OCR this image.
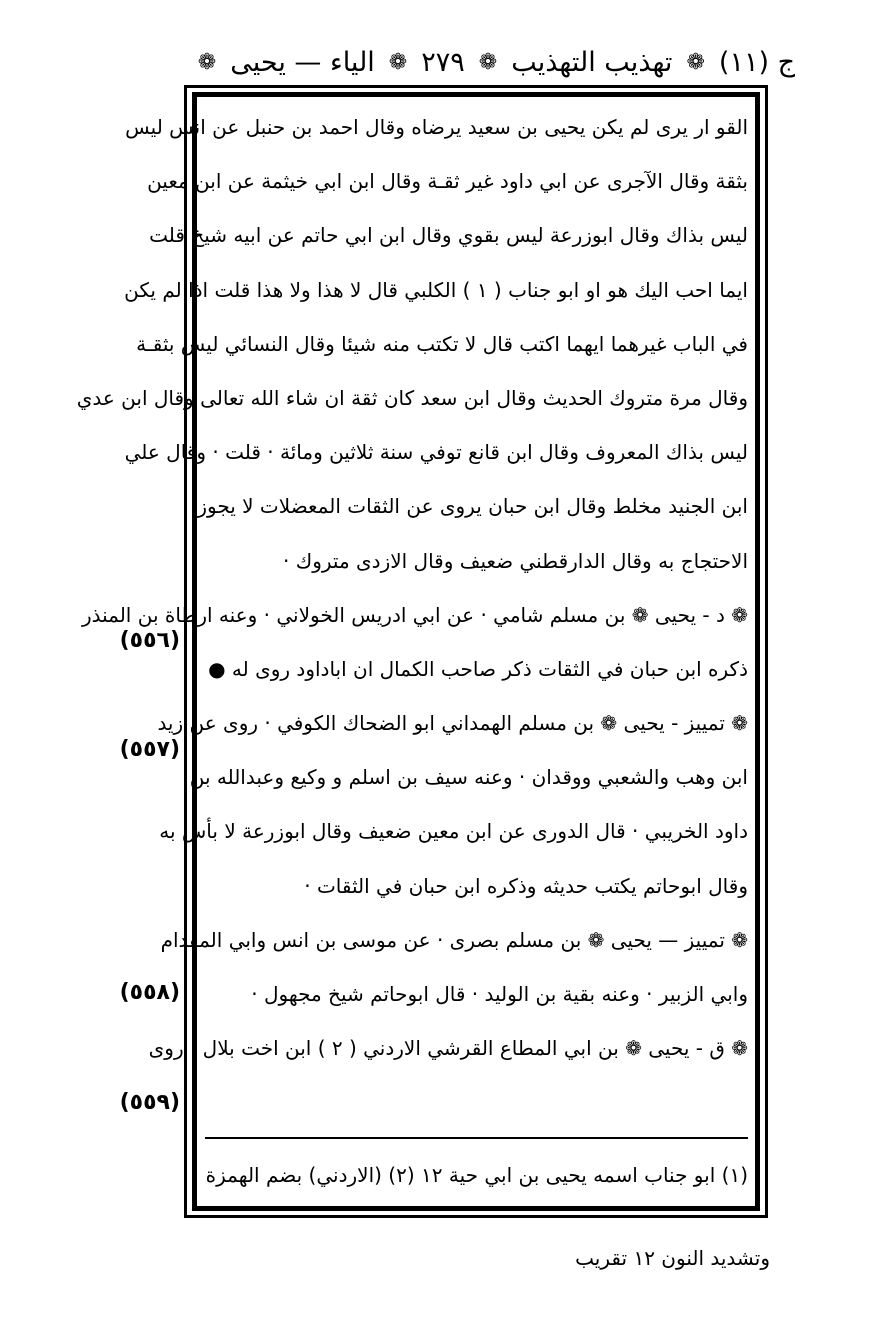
ج (١١)
❁
تهذيب التهذيب
❁
٢٧٩
❁
الياء — يحيى
❁
القو ار يرى لم يكن يحيى بن سعيد يرضاه وقال احمد بن حنبل عن انس ليس
بثقة وقال الآجرى عن ابي داود غير ثقـة وقال ابن ابي خيثمة عن ابن معين
ليس بذاك وقال ابوزرعة ليس بقوي وقال ابن ابي حاتم عن ابيه شيخ قلت
ايما احب اليك هو او ابو جناب ( ١ ) الكلبي قال لا هذا ولا هذا قلت اذا لم يكن
في الباب غيرهما ايهما اكتب قال لا تكتب منه شيئا وقال النسائي ليس بثقـة
وقال مرة متروك الحديث وقال ابن سعد كان ثقة ان شاء الله تعالى وقال ابن عدي
ليس بذاك المعروف وقال ابن قانع توفي سنة ثلاثين ومائة · قلت · وقال علي
ابن الجنيد مخلط وقال ابن حبان يروى عن الثقات المعضلات لا يجوز
الاحتجاج به وقال الدارقطني ضعيف وقال الازدى متروك ·
❁ د - يحيى ❁ بن مسلم شامي · عن ابي ادريس الخولاني · وعنه ارطاة بن المنذر
ذكره ابن حبان في الثقات ذكر صاحب الكمال ان اباداود روى له ●
❁ تمييز - يحيى ❁ بن مسلم الهمداني ابو الضحاك الكوفي · روى عن زيد
ابن وهب والشعبي ووقدان · وعنه سيف بن اسلم و وكيع وعبدالله بن
داود الخريبي · قال الدورى عن ابن معين ضعيف وقال ابوزرعة لا بأس به
وقال ابوحاتم يكتب حديثه وذكره ابن حبان في الثقات ·
❁ تمييز — يحيى ❁ بن مسلم بصرى · عن موسى بن انس وابي المقدام
وابي الزبير · وعنه بقية بن الوليد · قال ابوحاتم شيخ مجهول ·
❁ ق - يحيى ❁ بن ابي المطاع القرشي الاردني ( ٢ ) ابن اخت بلال · روى
(٥٥٦)
(٥٥٧)
(٥٥٨)
(٥٥٩)
(١) ابو جناب اسمه يحيى بن ابي حية ١٢ (٢) (الاردني) بضم الهمزة
وتشديد النون ١٢ تقريب
